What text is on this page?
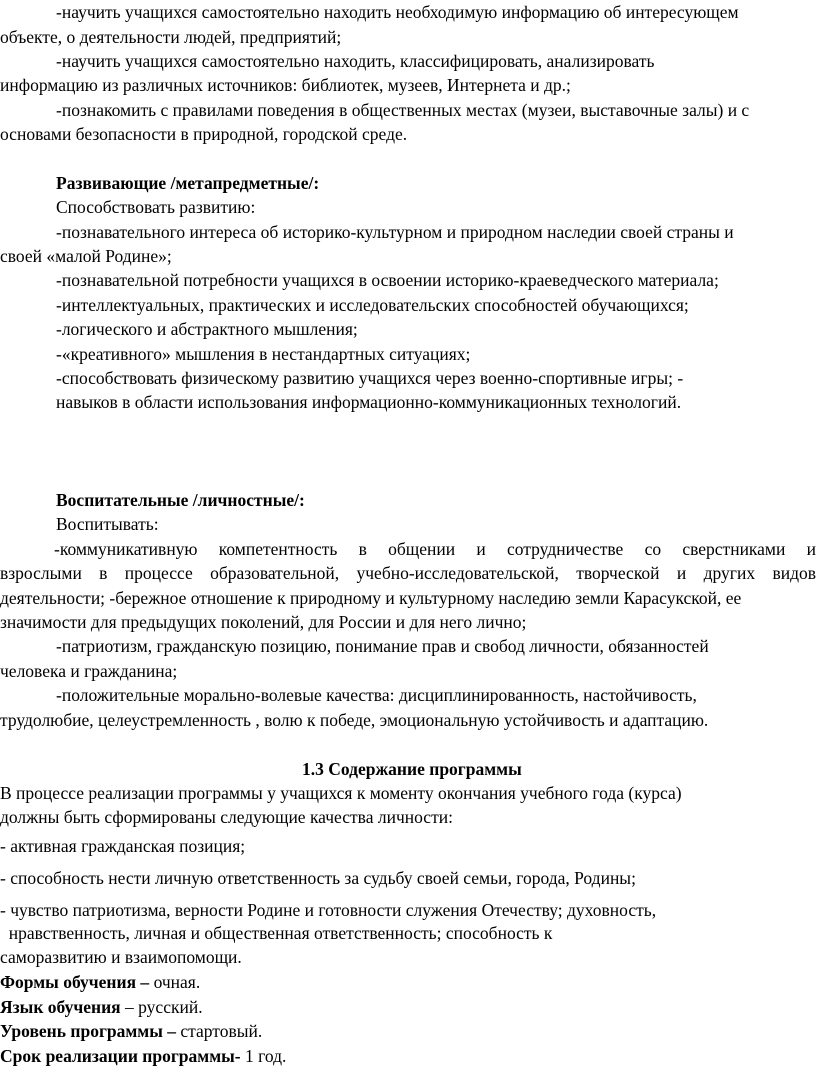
-научить учащихся самостоятельно находить необходимую информацию об интересующем
объекте, о деятельности людей, предприятий;
-научить учащихся самостоятельно находить, классифицировать, анализировать
информацию из различных источников: библиотек, музеев, Интернета и др.;
-познакомить с правилами поведения в общественных местах (музеи, выставочные залы) и с
основами безопасности в природной, городской среде.
Развивающие /метапредметные/:
Способствовать развитию:
-познавательного интереса об историко-культурном и природном наследии своей страны и
своей «малой Родине»;
-познавательной потребности учащихся в освоении историко-краеведческого материала;
-интеллектуальных, практических и исследовательских способностей обучающихся;
-логического и абстрактного мышления;
-«креативного» мышления в нестандартных ситуациях;
-способствовать физическому развитию учащихся через военно-спортивные игры; -
навыков в области использования информационно-коммуникационных технологий.
Воспитательные /личностные/:
Воспитывать:
-коммуникативную компетентность в общении и сотрудничестве со сверстниками и
взрослыми в процессе образовательной, учебно-исследовательской, творческой и других видов
деятельности; -бережное отношение к природному и культурному наследию земли Карасукской, ее
значимости для предыдущих поколений, для России и для него лично;
-патриотизм, гражданскую позицию, понимание прав и свобод личности, обязанностей
человека и гражданина;
-положительные морально-волевые качества: дисциплинированность, настойчивость,
трудолюбие, целеустремленность , волю к победе, эмоциональную устойчивость и адаптацию.
1.3 Содержание программы
В процессе реализации программы у учащихся к моменту окончания учебного года (курса)
должны быть сформированы следующие качества личности:
- активная гражданская позиция;
- способность нести личную ответственность за судьбу своей семьи, города, Родины;
- чувство патриотизма, верности Родине и готовности служения Отечеству; духовность,
нравственность, личная и общественная ответственность; способность к
саморазвитию и взаимопомощи.
Формы обучения – очная.
Язык обучения – русский.
Уровень программы – стартовый.
Срок реализации программы- 1 год.
